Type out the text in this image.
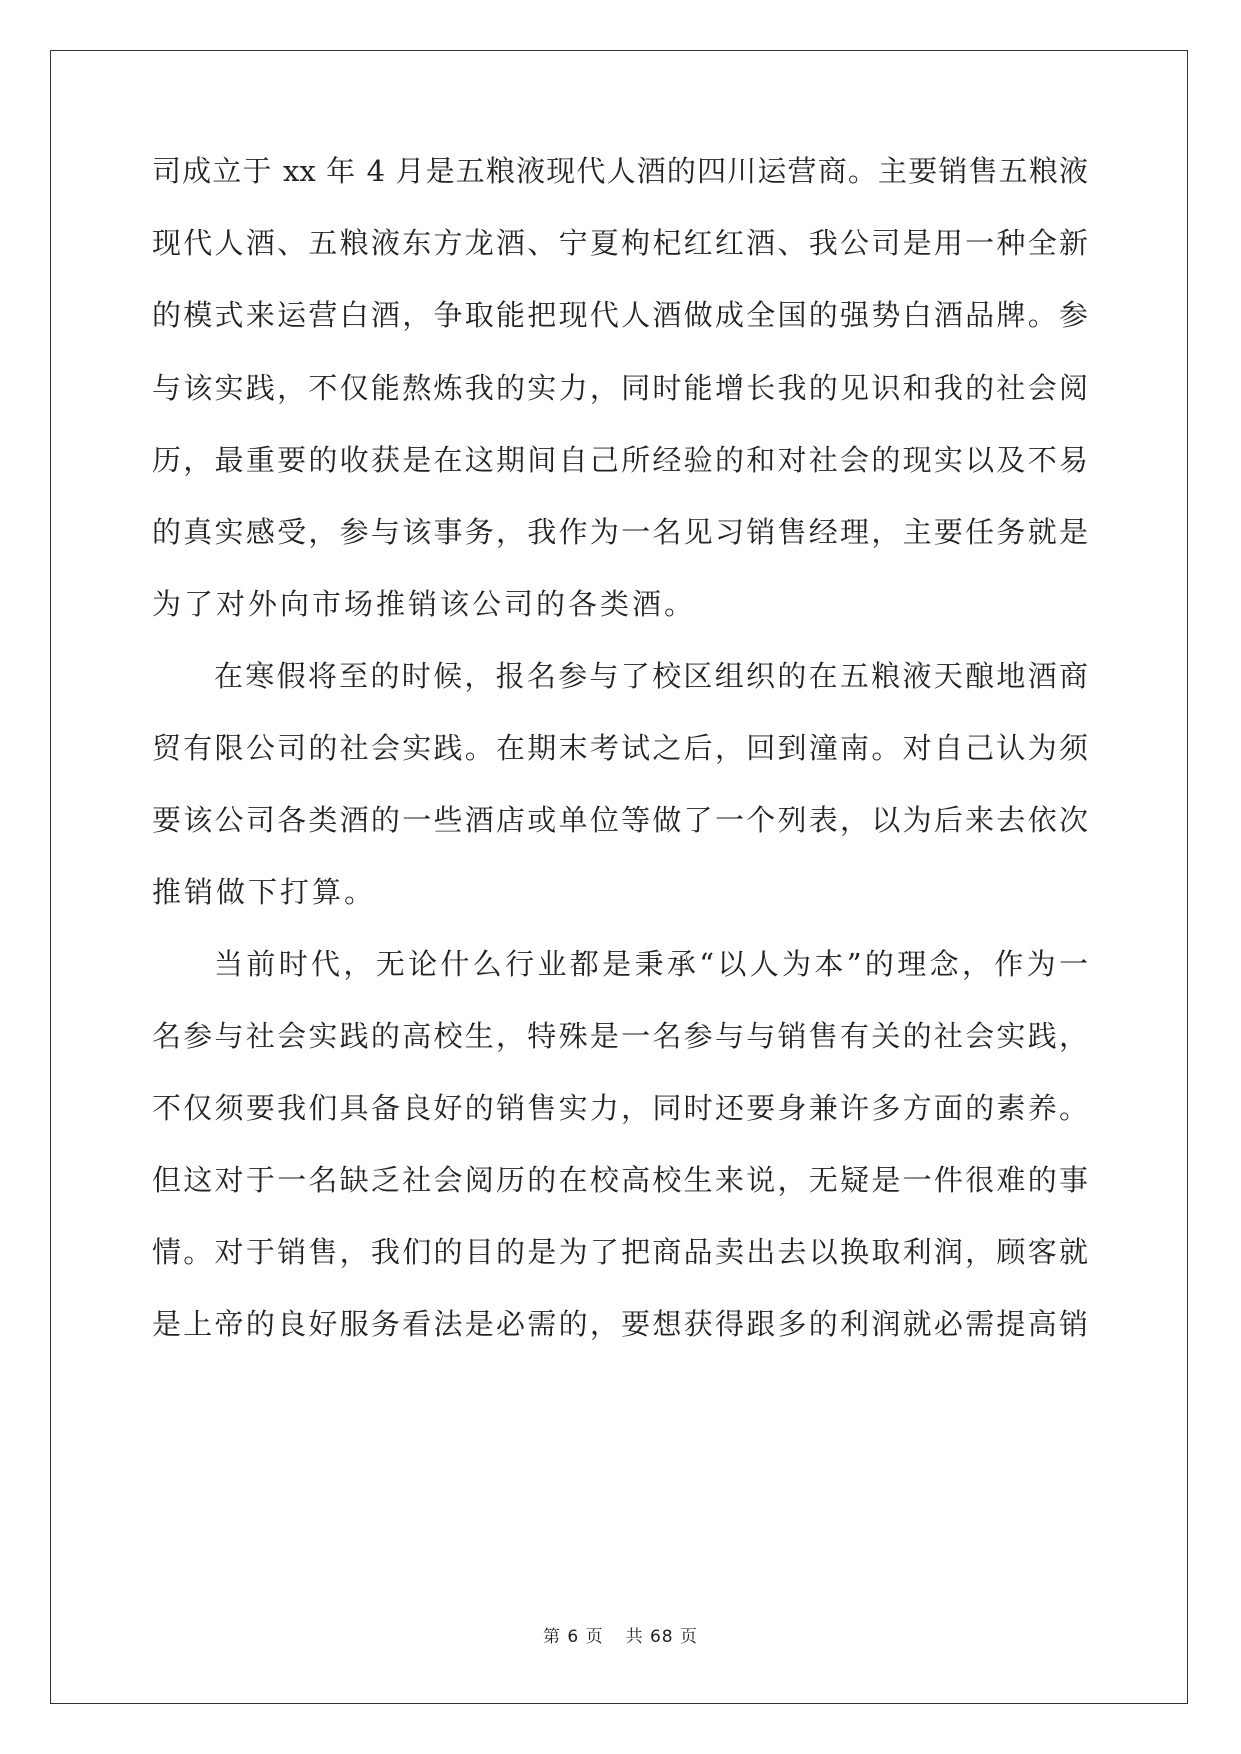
司成立于 xx 年 4 月是五粮液现代人酒的四川运营商。主要销售五粮液
现代人酒、五粮液东方龙酒、宁夏枸杞红红酒、我公司是用一种全新
的模式来运营白酒，争取能把现代人酒做成全国的强势白酒品牌。参
与该实践，不仅能熬炼我的实力，同时能增长我的见识和我的社会阅
历，最重要的收获是在这期间自己所经验的和对社会的现实以及不易
的真实感受，参与该事务，我作为一名见习销售经理，主要任务就是
为了对外向市场推销该公司的各类酒。
在寒假将至的时候，报名参与了校区组织的在五粮液天酿地酒商
贸有限公司的社会实践。在期末考试之后，回到潼南。对自己认为须
要该公司各类酒的一些酒店或单位等做了一个列表，以为后来去依次
推销做下打算。
当前时代，无论什么行业都是秉承“以人为本”的理念，作为一
名参与社会实践的高校生，特殊是一名参与与销售有关的社会实践，
不仅须要我们具备良好的销售实力，同时还要身兼许多方面的素养。
但这对于一名缺乏社会阅历的在校高校生来说，无疑是一件很难的事
情。对于销售，我们的目的是为了把商品卖出去以换取利润，顾客就
是上帝的良好服务看法是必需的，要想获得跟多的利润就必需提高销
第 6 页 共 68 页
